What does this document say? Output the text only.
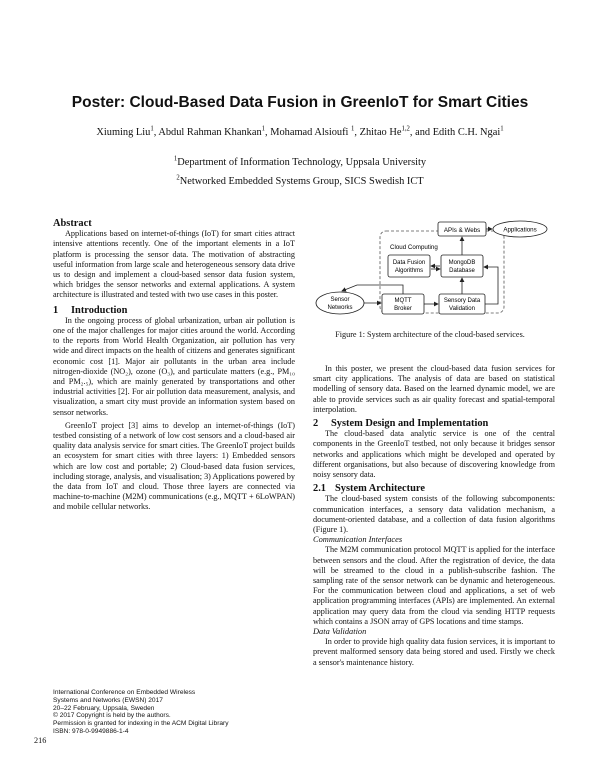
Poster: Cloud-Based Data Fusion in GreenIoT for Smart Cities
Xiuming Liu$^1$, Abdul Rahman Khankan$^1$, Mohamad Alsioufi $^1$, Zhitao He$^{1,2}$, and Edith C.H. Ngai$^1$
$^1$Department of Information Technology, Uppsala University
$^2$Networked Embedded Systems Group, SICS Swedish ICT
Abstract

Applications based on internet-of-things (IoT) for smart cities attract intensive attentions recently. One of the important elements in a IoT platform is processing the sensor data. The motivation of abstracting useful information from large scale and heterogeneous sensory data drive us to design and implement a cloud-based sensor data fusion system, which bridges the sensor networks and external applications. A system architecture is illustrated and tested with two use cases in this poster.

1 Introduction

In the ongoing process of global urbanization, urban air pollution is one of the major challenges for major cities around the world. According to the reports from World Health Organization, air pollution has very wide and direct impacts on the health of citizens and generates significant economic cost [1]. Major air pollutants in the urban area include nitrogen-dioxide (NO₂), ozone (O₃), and particulate matters (e.g., PM₁₀ and PM₂.₅), which are mainly generated by transportations and other industrial activities [2]. For air pollution data measurement, analysis, and visualization, a smart city must provide an information system based on sensor networks.

GreenIoT project [3] aims to develop an internet-of-things (IoT) testbed consisting of a network of low cost sensors and a cloud-based air quality data analysis service for smart cities. The GreenIoT project builds an ecosystem for smart cities with three layers: 1) Embedded sensors which are low cost and portable; 2) Cloud-based data fusion services, including storage, analysis, and visualisation; 3) Applications powered by the data from IoT and cloud. Those three layers are connected via machine-to-machine (M2M) communications (e.g., MQTT + 6LoWPAN) and mobile cellular networks.

International Conference on Embedded Wireless
Systems and Networks (EWSN) 2017
20–22 February, Uppsala, Sweden
© 2017 Copyright is held by the authors.
Permission is granted for indexing in the ACM Digital Library
ISBN: 978-0-9949886-1-4
216
Cloud Computing
APIs & Webs	Applications
Data Fusion
Algorithms
MongoDB
Database
Sensor
Networks
MQTT
Broker
Sensory Data
Validation
Figure 1: System architecture of the cloud-based services.

In this poster, we present the cloud-based data fusion services for smart city applications. The analysis of data are based on statistical modelling of sensory data. Based on the learned dynamic model, we are able to provide services such as air quality forecast and spatial-temporal interpolation.

2 System Design and Implementation

The cloud-based data analytic service is one of the central components in the GreenIoT testbed, not only because it bridges sensor networks and applications which might be developed and operated by different organisations, but also because of discovering knowledge from noisy sensory data.

2.1 System Architecture

The cloud-based system consists of the following subcomponents: communication interfaces, a sensory data validation mechanism, a document-oriented database, and a collection of data fusion algorithms (Figure 1).

Communication Interfaces

The M2M communication protocol MQTT is applied for the interface between sensors and the cloud. After the registration of device, the data will be streamed to the cloud in a publish-subscribe fashion. The sampling rate of the sensor network can be dynamic and heterogeneous. For the communication between cloud and applications, a set of web application programming interfaces (APIs) are implemented. An external application may query data from the cloud via sending HTTP requests which contains a JSON array of GPS locations and time stamps.

Data Validation

In order to provide high quality data fusion services, it is important to prevent malformed sensory data being stored and used. Firstly we check a sensor's maintenance history.
